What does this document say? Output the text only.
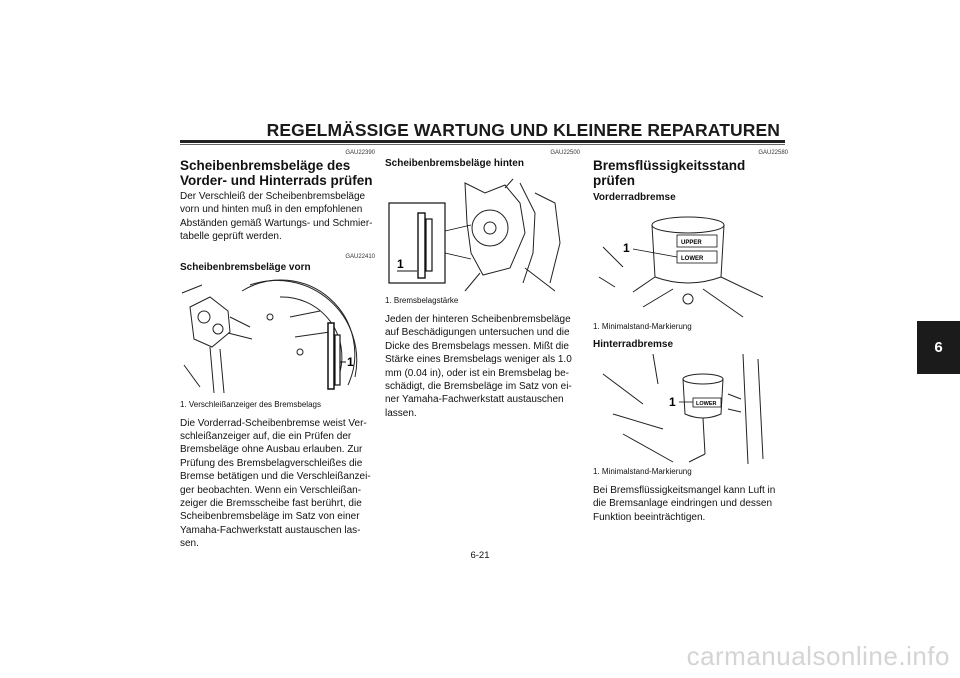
REGELMÄSSIGE WARTUNG UND KLEINERE REPARATUREN
6
GAU22390
Scheibenbremsbeläge des Vorder- und Hinterrads prüfen

Der Verschleiß der Scheibenbremsbeläge vorn und hinten muß in den empfohlenen Abständen gemäß Wartungs- und Schmier-tabelle geprüft werden.

GAU22410
Scheibenbremsbeläge vorn
1

1. Verschleißanzeiger des Bremsbelags

Die Vorderrad-Scheibenbremse weist Ver-schleißanzeiger auf, die ein Prüfen der Bremsbeläge ohne Ausbau erlauben. Zur Prüfung des Bremsbelagverschleißes die Bremse betätigen und die Verschleißanzei-ger beobachten. Wenn ein Verschleißan-zeiger die Bremsscheibe fast berührt, die Scheibenbremsbeläge im Satz von einer Yamaha-Fachwerkstatt austauschen las-sen.

GAU22500
Scheibenbremsbeläge hinten
1

1. Bremsbelagstärke

Jeden der hinteren Scheibenbremsbeläge auf Beschädigungen untersuchen und die Dicke des Bremsbelags messen. Mißt die Stärke eines Bremsbelags weniger als 1.0 mm (0.04 in), oder ist ein Bremsbelag be-schädigt, die Bremsbeläge im Satz von ei-ner Yamaha-Fachwerkstatt austauschen lassen.

GAU22580
Bremsflüssigkeitsstand prüfen
Vorderradbremse
UPPER
LOWER
1

1. Minimalstand-Markierung

Hinterradbremse
LOWER
1

1. Minimalstand-Markierung

Bei Bremsflüssigkeitsmangel kann Luft in die Bremsanlage eindringen und dessen Funktion beeinträchtigen.

6-21
carmanualsonline.info
